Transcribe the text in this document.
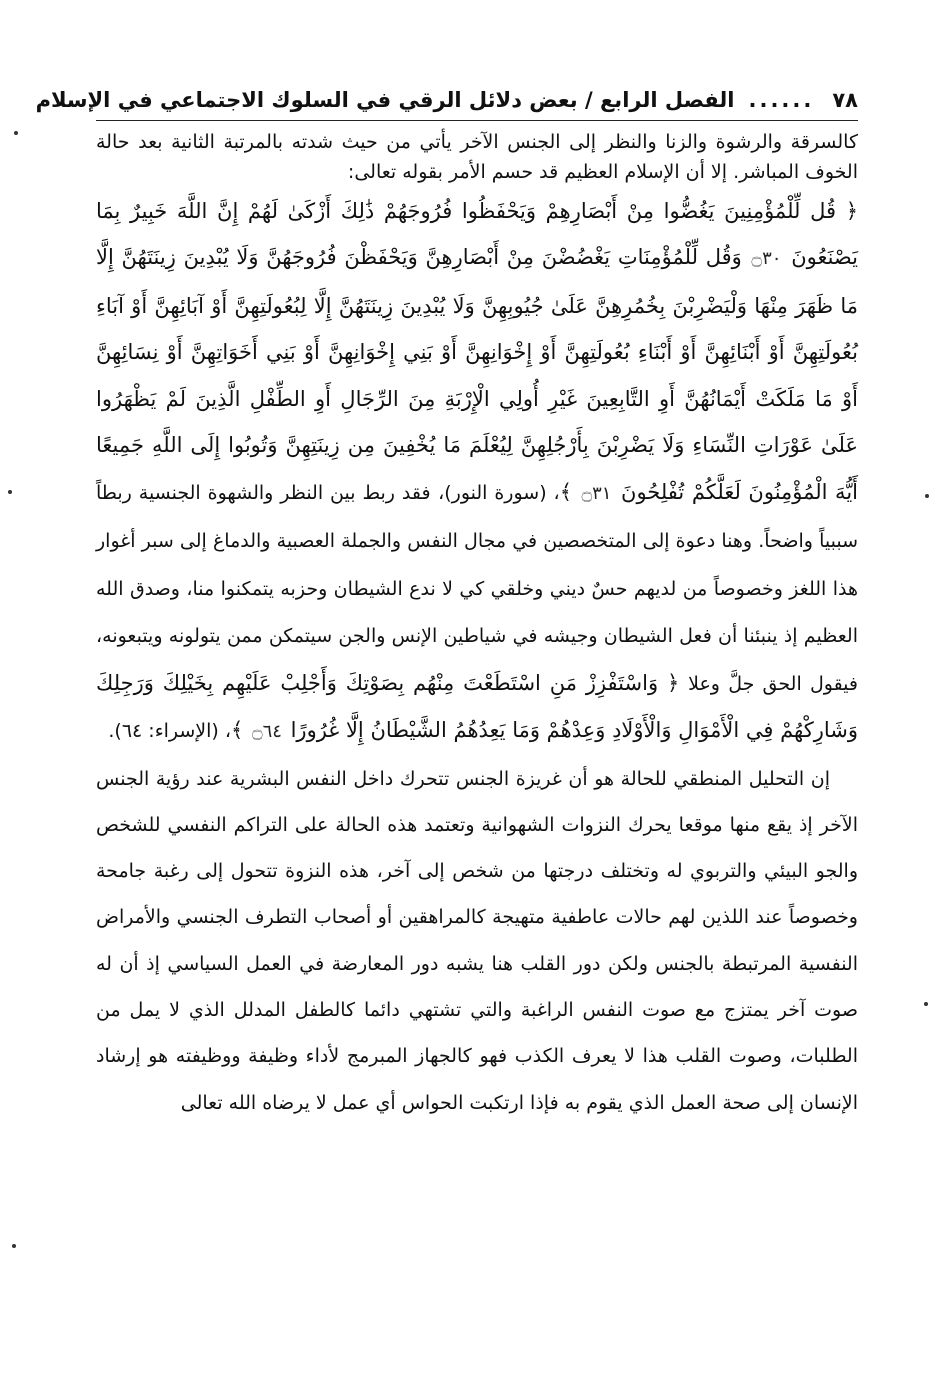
٧٨
......
الفصل الرابع / بعض دلائل الرقي في السلوك الاجتماعي في الإسلام

كالسرقة والرشوة والزنا والنظر إلى الجنس الآخر يأتي من حيث شدته بالمرتبة الثانية بعد حالة الخوف المباشر. إلا أن الإسلام العظيم قد حسم الأمر بقوله تعالى:

﴿ قُل لِّلْمُؤْمِنِينَ يَغُضُّوا مِنْ أَبْصَارِهِمْ وَيَحْفَظُوا فُرُوجَهُمْ ذَٰلِكَ أَزْكَىٰ لَهُمْ إِنَّ اللَّهَ خَبِيرٌ بِمَا يَصْنَعُونَ ۝٣٠ وَقُل لِّلْمُؤْمِنَاتِ يَغْضُضْنَ مِنْ أَبْصَارِهِنَّ وَيَحْفَظْنَ فُرُوجَهُنَّ وَلَا يُبْدِينَ زِينَتَهُنَّ إِلَّا مَا ظَهَرَ مِنْهَا وَلْيَضْرِبْنَ بِخُمُرِهِنَّ عَلَىٰ جُيُوبِهِنَّ وَلَا يُبْدِينَ زِينَتَهُنَّ إِلَّا لِبُعُولَتِهِنَّ أَوْ آبَائِهِنَّ أَوْ آبَاءِ بُعُولَتِهِنَّ أَوْ أَبْنَائِهِنَّ أَوْ أَبْنَاءِ بُعُولَتِهِنَّ أَوْ إِخْوَانِهِنَّ أَوْ بَنِي إِخْوَانِهِنَّ أَوْ بَنِي أَخَوَاتِهِنَّ أَوْ نِسَائِهِنَّ أَوْ مَا مَلَكَتْ أَيْمَانُهُنَّ أَوِ التَّابِعِينَ غَيْرِ أُولِي الْإِرْبَةِ مِنَ الرِّجَالِ أَوِ الطِّفْلِ الَّذِينَ لَمْ يَظْهَرُوا عَلَىٰ عَوْرَاتِ النِّسَاءِ وَلَا يَضْرِبْنَ بِأَرْجُلِهِنَّ لِيُعْلَمَ مَا يُخْفِينَ مِن زِينَتِهِنَّ وَتُوبُوا إِلَى اللَّهِ جَمِيعًا أَيُّهَ الْمُؤْمِنُونَ لَعَلَّكُمْ تُفْلِحُونَ ۝٣١ ﴾، (سورة النور)، فقد ربط بين النظر والشهوة الجنسية ربطاً سببياً واضحاً. وهنا دعوة إلى المتخصصين في مجال النفس والجملة العصبية والدماغ إلى سبر أغوار هذا اللغز وخصوصاً من لديهم حسٌ ديني وخلقي كي لا ندع الشيطان وحزبه يتمكنوا منا، وصدق الله العظيم إذ ينبئنا أن فعل الشيطان وجيشه في شياطين الإنس والجن سيتمكن ممن يتولونه ويتبعونه، فيقول الحق جلَّ وعلا ﴿ وَاسْتَفْزِزْ مَنِ اسْتَطَعْتَ مِنْهُم بِصَوْتِكَ وَأَجْلِبْ عَلَيْهِم بِخَيْلِكَ وَرَجِلِكَ وَشَارِكْهُمْ فِي الْأَمْوَالِ وَالْأَوْلَادِ وَعِدْهُمْ وَمَا يَعِدُهُمُ الشَّيْطَانُ إِلَّا غُرُورًا ۝٦٤ ﴾، (الإسراء: ٦٤).

إن التحليل المنطقي للحالة هو أن غريزة الجنس تتحرك داخل النفس البشرية عند رؤية الجنس الآخر إذ يقع منها موقعا يحرك النزوات الشهوانية وتعتمد هذه الحالة على التراكم النفسي للشخص والجو البيئي والتربوي له وتختلف درجتها من شخص إلى آخر، هذه النزوة تتحول إلى رغبة جامحة وخصوصاً عند اللذين لهم حالات عاطفية متهيجة كالمراهقين أو أصحاب التطرف الجنسي والأمراض النفسية المرتبطة بالجنس ولكن دور القلب هنا يشبه دور المعارضة في العمل السياسي إذ أن له صوت آخر يمتزج مع صوت النفس الراغبة والتي تشتهي دائما كالطفل المدلل الذي لا يمل من الطلبات، وصوت القلب هذا لا يعرف الكذب فهو كالجهاز المبرمج لأداء وظيفة ووظيفته هو إرشاد الإنسان إلى صحة العمل الذي يقوم به فإذا ارتكبت الحواس أي عمل لا يرضاه الله تعالى
